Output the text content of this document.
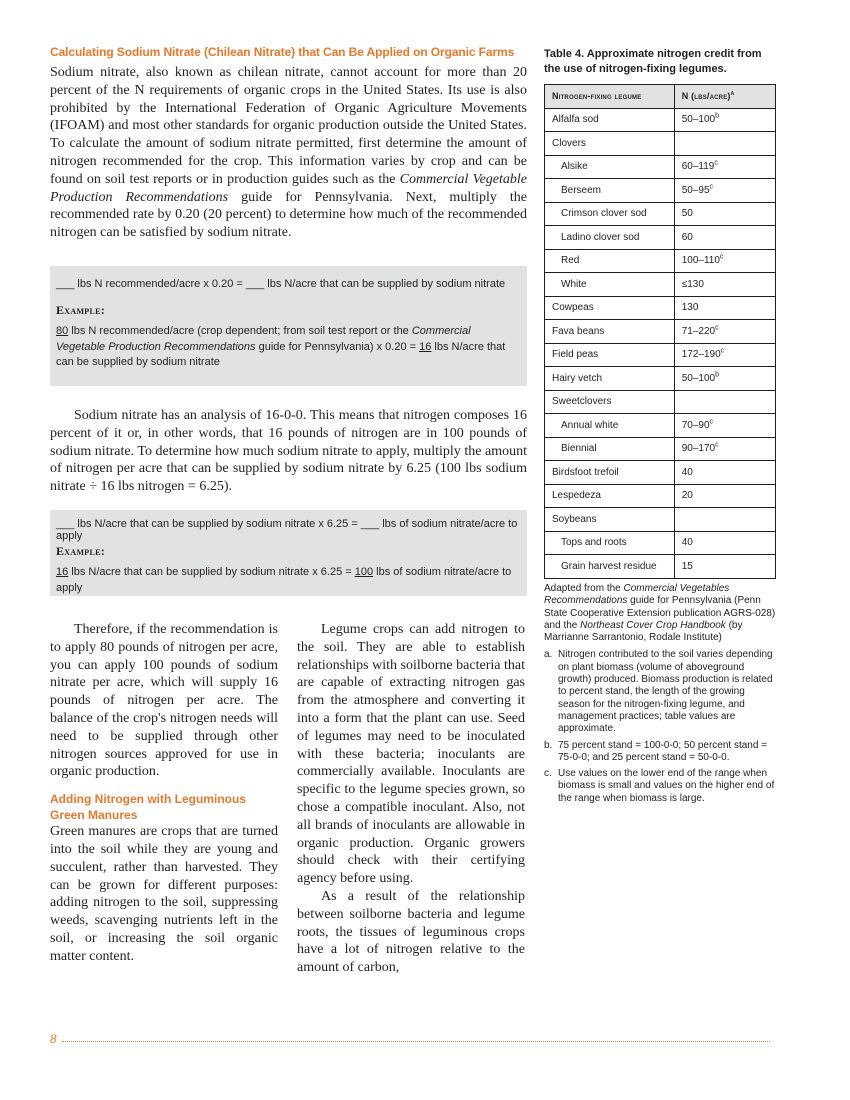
Calculating Sodium Nitrate (Chilean Nitrate) that Can Be Applied on Organic Farms

Sodium nitrate, also known as chilean nitrate, cannot account for more than 20 percent of the N requirements of organic crops in the United States. Its use is also prohibited by the International Federation of Organic Agriculture Movements (IFOAM) and most other standards for organic production outside the United States. To calculate the amount of sodium nitrate permitted, first determine the amount of nitrogen recommended for the crop. This information varies by crop and can be found on soil test reports or in production guides such as the Commercial Vegetable Production Recommendations guide for Pennsylvania. Next, multiply the recommended rate by 0.20 (20 percent) to determine how much of the recommended nitrogen can be satisfied by sodium nitrate.

___ lbs N recommended/acre x 0.20 = ___ lbs N/acre that can be supplied by sodium nitrate
Example:
80 lbs N recommended/acre (crop dependent; from soil test report or the Commercial Vegetable Production Recommendations guide for Pennsylvania) x 0.20 = 16 lbs N/acre that can be supplied by sodium nitrate

Sodium nitrate has an analysis of 16-0-0. This means that nitrogen composes 16 percent of it or, in other words, that 16 pounds of nitrogen are in 100 pounds of sodium nitrate. To determine how much sodium nitrate to apply, multiply the amount of nitrogen per acre that can be supplied by sodium nitrate by 6.25 (100 lbs sodium nitrate ÷ 16 lbs nitrogen = 6.25).

___ lbs N/acre that can be supplied by sodium nitrate x 6.25 = ___ lbs of sodium nitrate/acre to apply
Example:
16 lbs N/acre that can be supplied by sodium nitrate x 6.25 = 100 lbs of sodium nitrate/acre to apply

Therefore, if the recommendation is to apply 80 pounds of nitrogen per acre, you can apply 100 pounds of sodium nitrate per acre, which will supply 16 pounds of nitrogen per acre. The balance of the crop's nitrogen needs will need to be supplied through other nitrogen sources approved for use in organic production.

Adding Nitrogen with Leguminous Green Manures

Green manures are crops that are turned into the soil while they are young and succulent, rather than harvested. They can be grown for different purposes: adding nitrogen to the soil, suppressing weeds, scavenging nutrients left in the soil, or increasing the soil organic matter content.

Legume crops can add nitrogen to the soil. They are able to establish relationships with soilborne bacteria that are capable of extracting nitrogen gas from the atmosphere and converting it into a form that the plant can use. Seed of legumes may need to be inoculated with these bacteria; inoculants are commercially available. Inoculants are specific to the legume species grown, so chose a compatible inoculant. Also, not all brands of inoculants are allowable in organic production. Organic growers should check with their certifying agency before using.

As a result of the relationship between soilborne bacteria and legume roots, the tissues of leguminous crops have a lot of nitrogen relative to the amount of carbon,

Table 4. Approximate nitrogen credit from the use of nitrogen-fixing legumes.
Nitrogen-fixing legume	N (lbs/acre)$^a$
Alfalfa sod	50–100$^b$
Clovers	
Alsike	60–119$^c$
Berseem	50–95$^c$
Crimson clover sod	50
Ladino clover sod	60
Red	100–110$^c$
White	≤130
Cowpeas	130
Fava beans	71–220$^c$
Field peas	172–190$^c$
Hairy vetch	50–100$^b$
Sweetclovers	
Annual white	70–90$^c$
Biennial	90–170$^c$
Birdsfoot trefoil	40
Lespedeza	20
Soybeans	
Tops and roots	40
Grain harvest residue	15

Adapted from the Commercial Vegetables Recommendations guide for Pennsylvania (Penn State Cooperative Extension publication AGRS-028) and the Northeast Cover Crop Handbook (by Marrianne Sarrantonio, Rodale Institute)

a. Nitrogen contributed to the soil varies depending on plant biomass (volume of aboveground growth) produced. Biomass production is related to percent stand, the length of the growing season for the nitrogen-fixing legume, and management practices; table values are approximate.
b. 75 percent stand = 100-0-0; 50 percent stand = 75-0-0; and 25 percent stand = 50-0-0.
c. Use values on the lower end of the range when biomass is small and values on the higher end of the range when biomass is large.
8
